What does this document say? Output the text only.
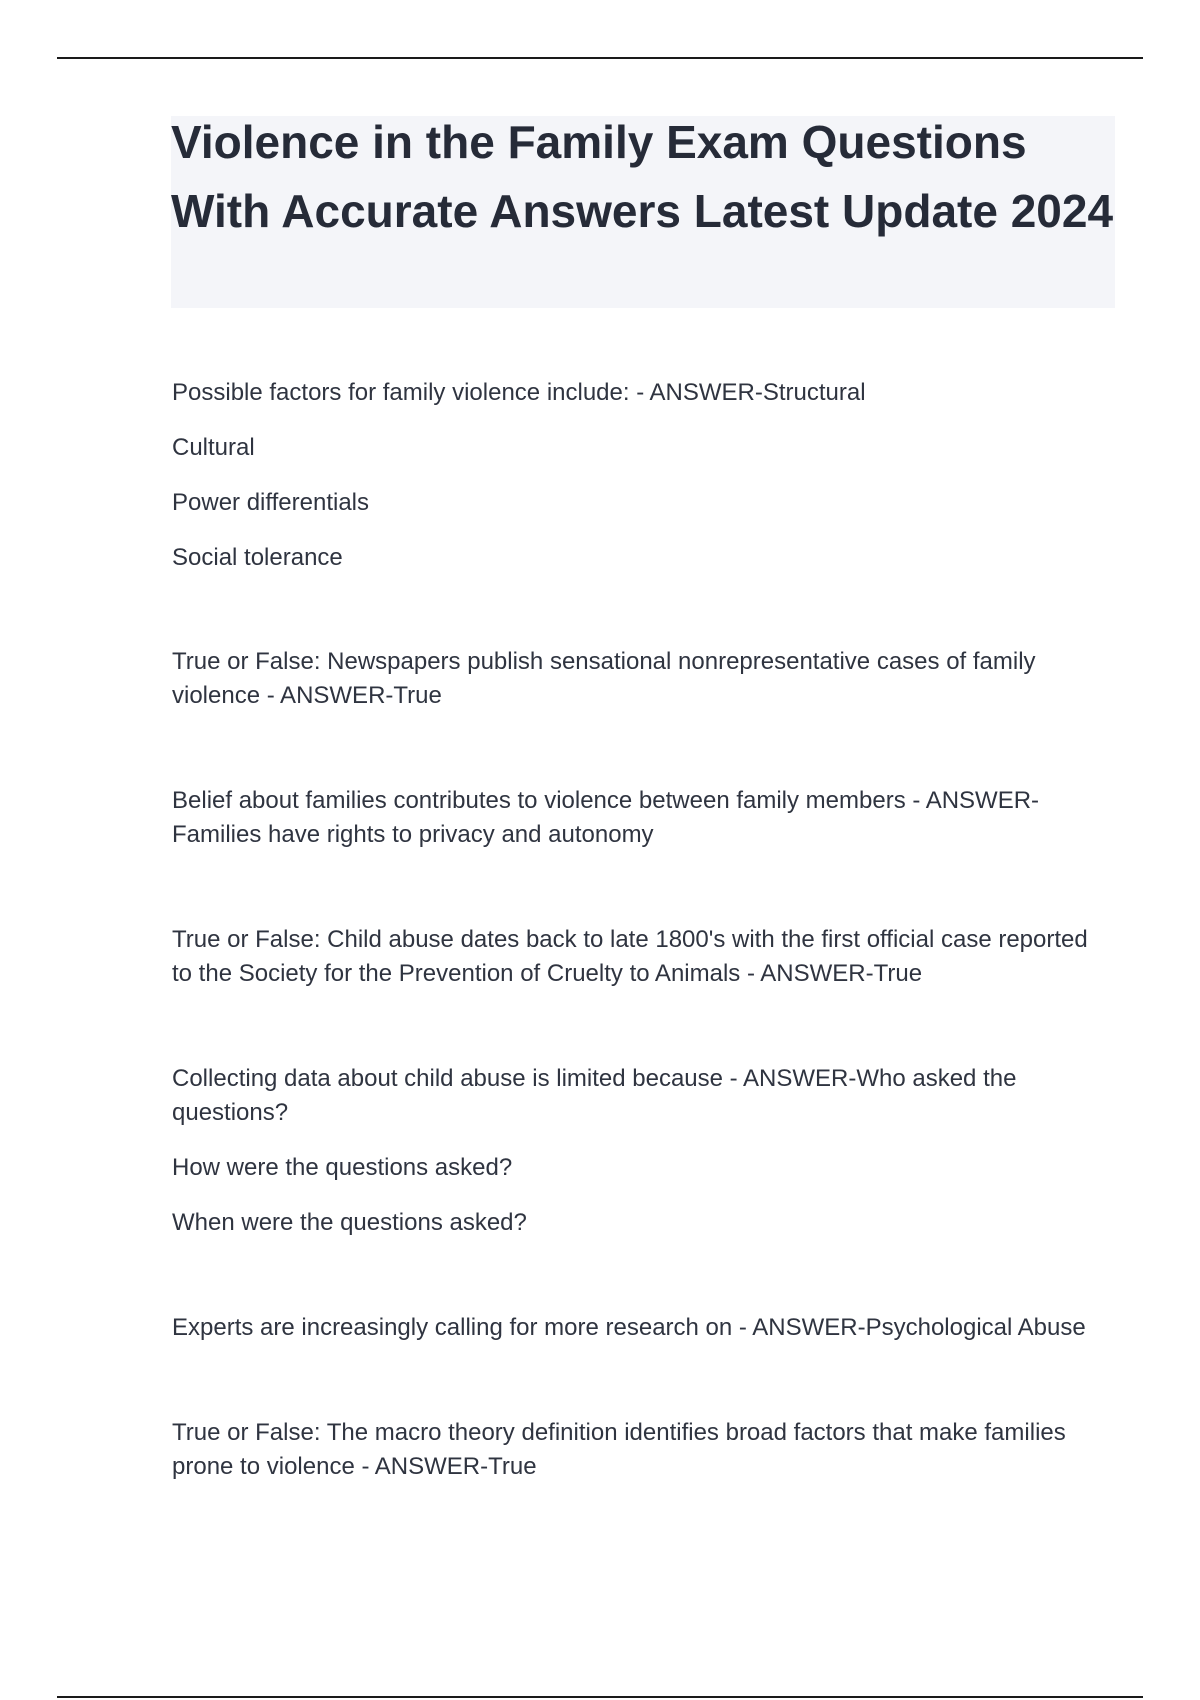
Violence in the Family Exam Questions With Accurate Answers Latest Update 2024

Possible factors for family violence include: - ANSWER-Structural

Cultural

Power differentials

Social tolerance

True or False: Newspapers publish sensational nonrepresentative cases of family violence - ANSWER-True

Belief about families contributes to violence between family members - ANSWER-Families have rights to privacy and autonomy

True or False: Child abuse dates back to late 1800's with the first official case reported to the Society for the Prevention of Cruelty to Animals - ANSWER-True

Collecting data about child abuse is limited because - ANSWER-Who asked the questions?

How were the questions asked?

When were the questions asked?

Experts are increasingly calling for more research on - ANSWER-Psychological Abuse

True or False: The macro theory definition identifies broad factors that make families prone to violence - ANSWER-True
